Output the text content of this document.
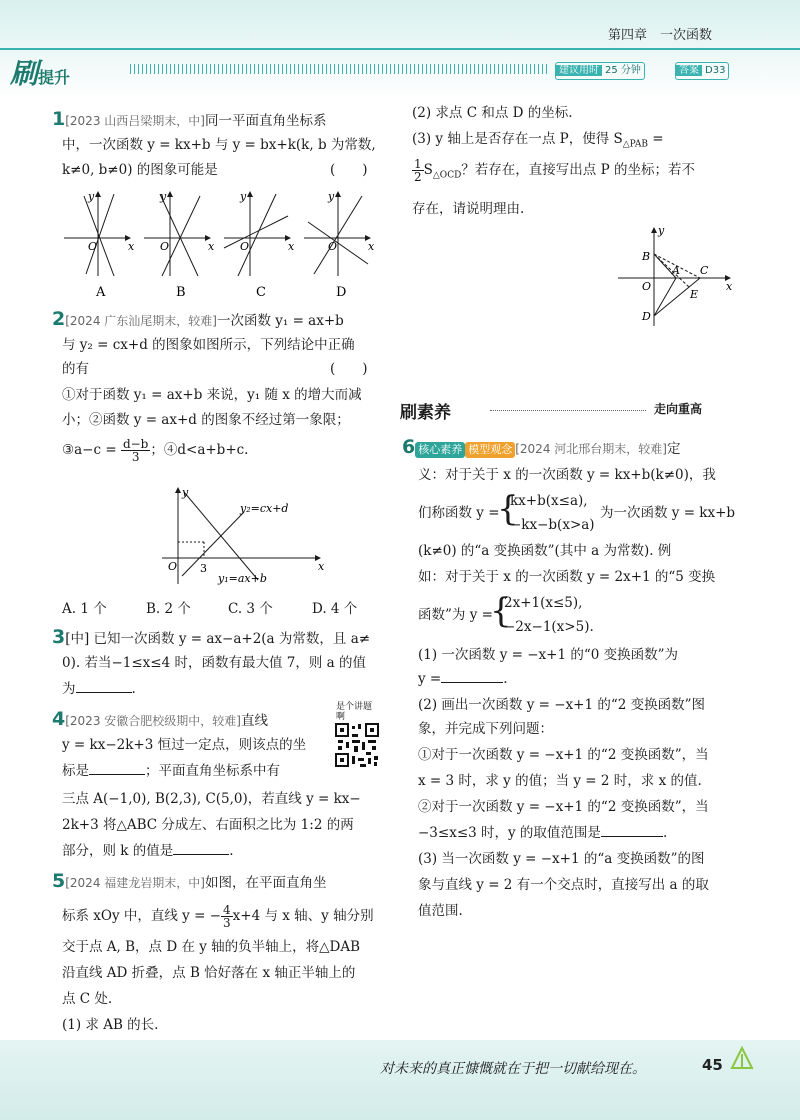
第四章　一次函数
刷提升	建议用时 25 分钟	答案 D33
1[2023 山西吕梁期末，中]同一平面直角坐标系
中，一次函数 y = kx+b 与 y = bx+k(k, b 为常数,
k≠0, b≠0) 的图象可能是	(　　)
O	x
y
A
O	x
y
B
O	x
y
C
O	x
y
D
2[2024 广东汕尾期末，较难]一次函数 y₁ = ax+b
与 y₂ = cx+d 的图象如图所示，下列结论中正确
的有	(　　)
①对于函数 y₁ = ax+b 来说，y₁ 随 x 的增大而减
小；②函数 y = ax+d 的图象不经过第一象限；
③a−c = $\frac{d-b}{3}$ ；④d<a+b+c.
O	x
y
3
y₂=cx+d
y₁=ax+b
A. 1 个	B. 2 个	C. 3 个	D. 4 个
3[中] 已知一次函数 y = ax−a+2(a 为常数，且 a≠
0). 若当−1≤x≤4 时，函数有最大值 7，则 a 的值
为	.
4[2023 安徽合肥校级期中，较难]直线
y = kx−2k+3 恒过一定点，则该点的坐
标是	；平面直角坐标系中有
三点 A(−1,0), B(2,3), C(5,0)，若直线 y = kx−
2k+3 将△ABC 分成左、右面积之比为 1:2 的两
部分，则 k 的值是	.
是个讲题啊
5[2024 福建龙岩期末，中]如图，在平面直角坐
标系 xOy 中，直线 y = − $\frac{4}{3} x+4$ 与 x 轴、y 轴分别
交于点 A, B，点 D 在 y 轴的负半轴上，将△DAB
沿直线 AD 折叠，点 B 恰好落在 x 轴正半轴上的
点 C 处.
(1) 求 AB 的长.
(2) 求点 C 和点 D 的坐标.
(3) y 轴上是否存在一点 P，使得 $S_{\triangle PAB}$ =
$\frac{1}{2} S_{\triangle OCD}$？若存在，直接写出点 P 的坐标；若不
存在，请说明理由.
B
A C
O
E
D
x
y
刷素养	走向重高
6 核心素养 模型观念 [2024 河北邢台期末，较难]定
义：对于关于 x 的一次函数 y = kx+b(k≠0)，我
们称函数 y =
{
kx+b(x≤a),
−kx−b(x>a)
为一次函数 y = kx+b
(k≠0) 的“a 变换函数”(其中 a 为常数). 例
如：对于关于 x 的一次函数 y = 2x+1 的“5 变换
函数”为 y =
{
2x+1(x≤5),
−2x−1(x>5).
(1) 一次函数 y = −x+1 的“0 变换函数”为
y =	.
(2) 画出一次函数 y = −x+1 的“2 变换函数”图
象，并完成下列问题：
①对于一次函数 y = −x+1 的“2 变换函数”，当
x = 3 时，求 y 的值；当 y = 2 时，求 x 的值.
②对于一次函数 y = −x+1 的“2 变换函数”，当
−3≤x≤3 时，y 的取值范围是	.
(3) 当一次函数 y = −x+1 的“a 变换函数”的图
象与直线 y = 2 有一个交点时，直接写出 a 的取
值范围.
对未来的真正慷慨就在于把一切献给现在。	45
